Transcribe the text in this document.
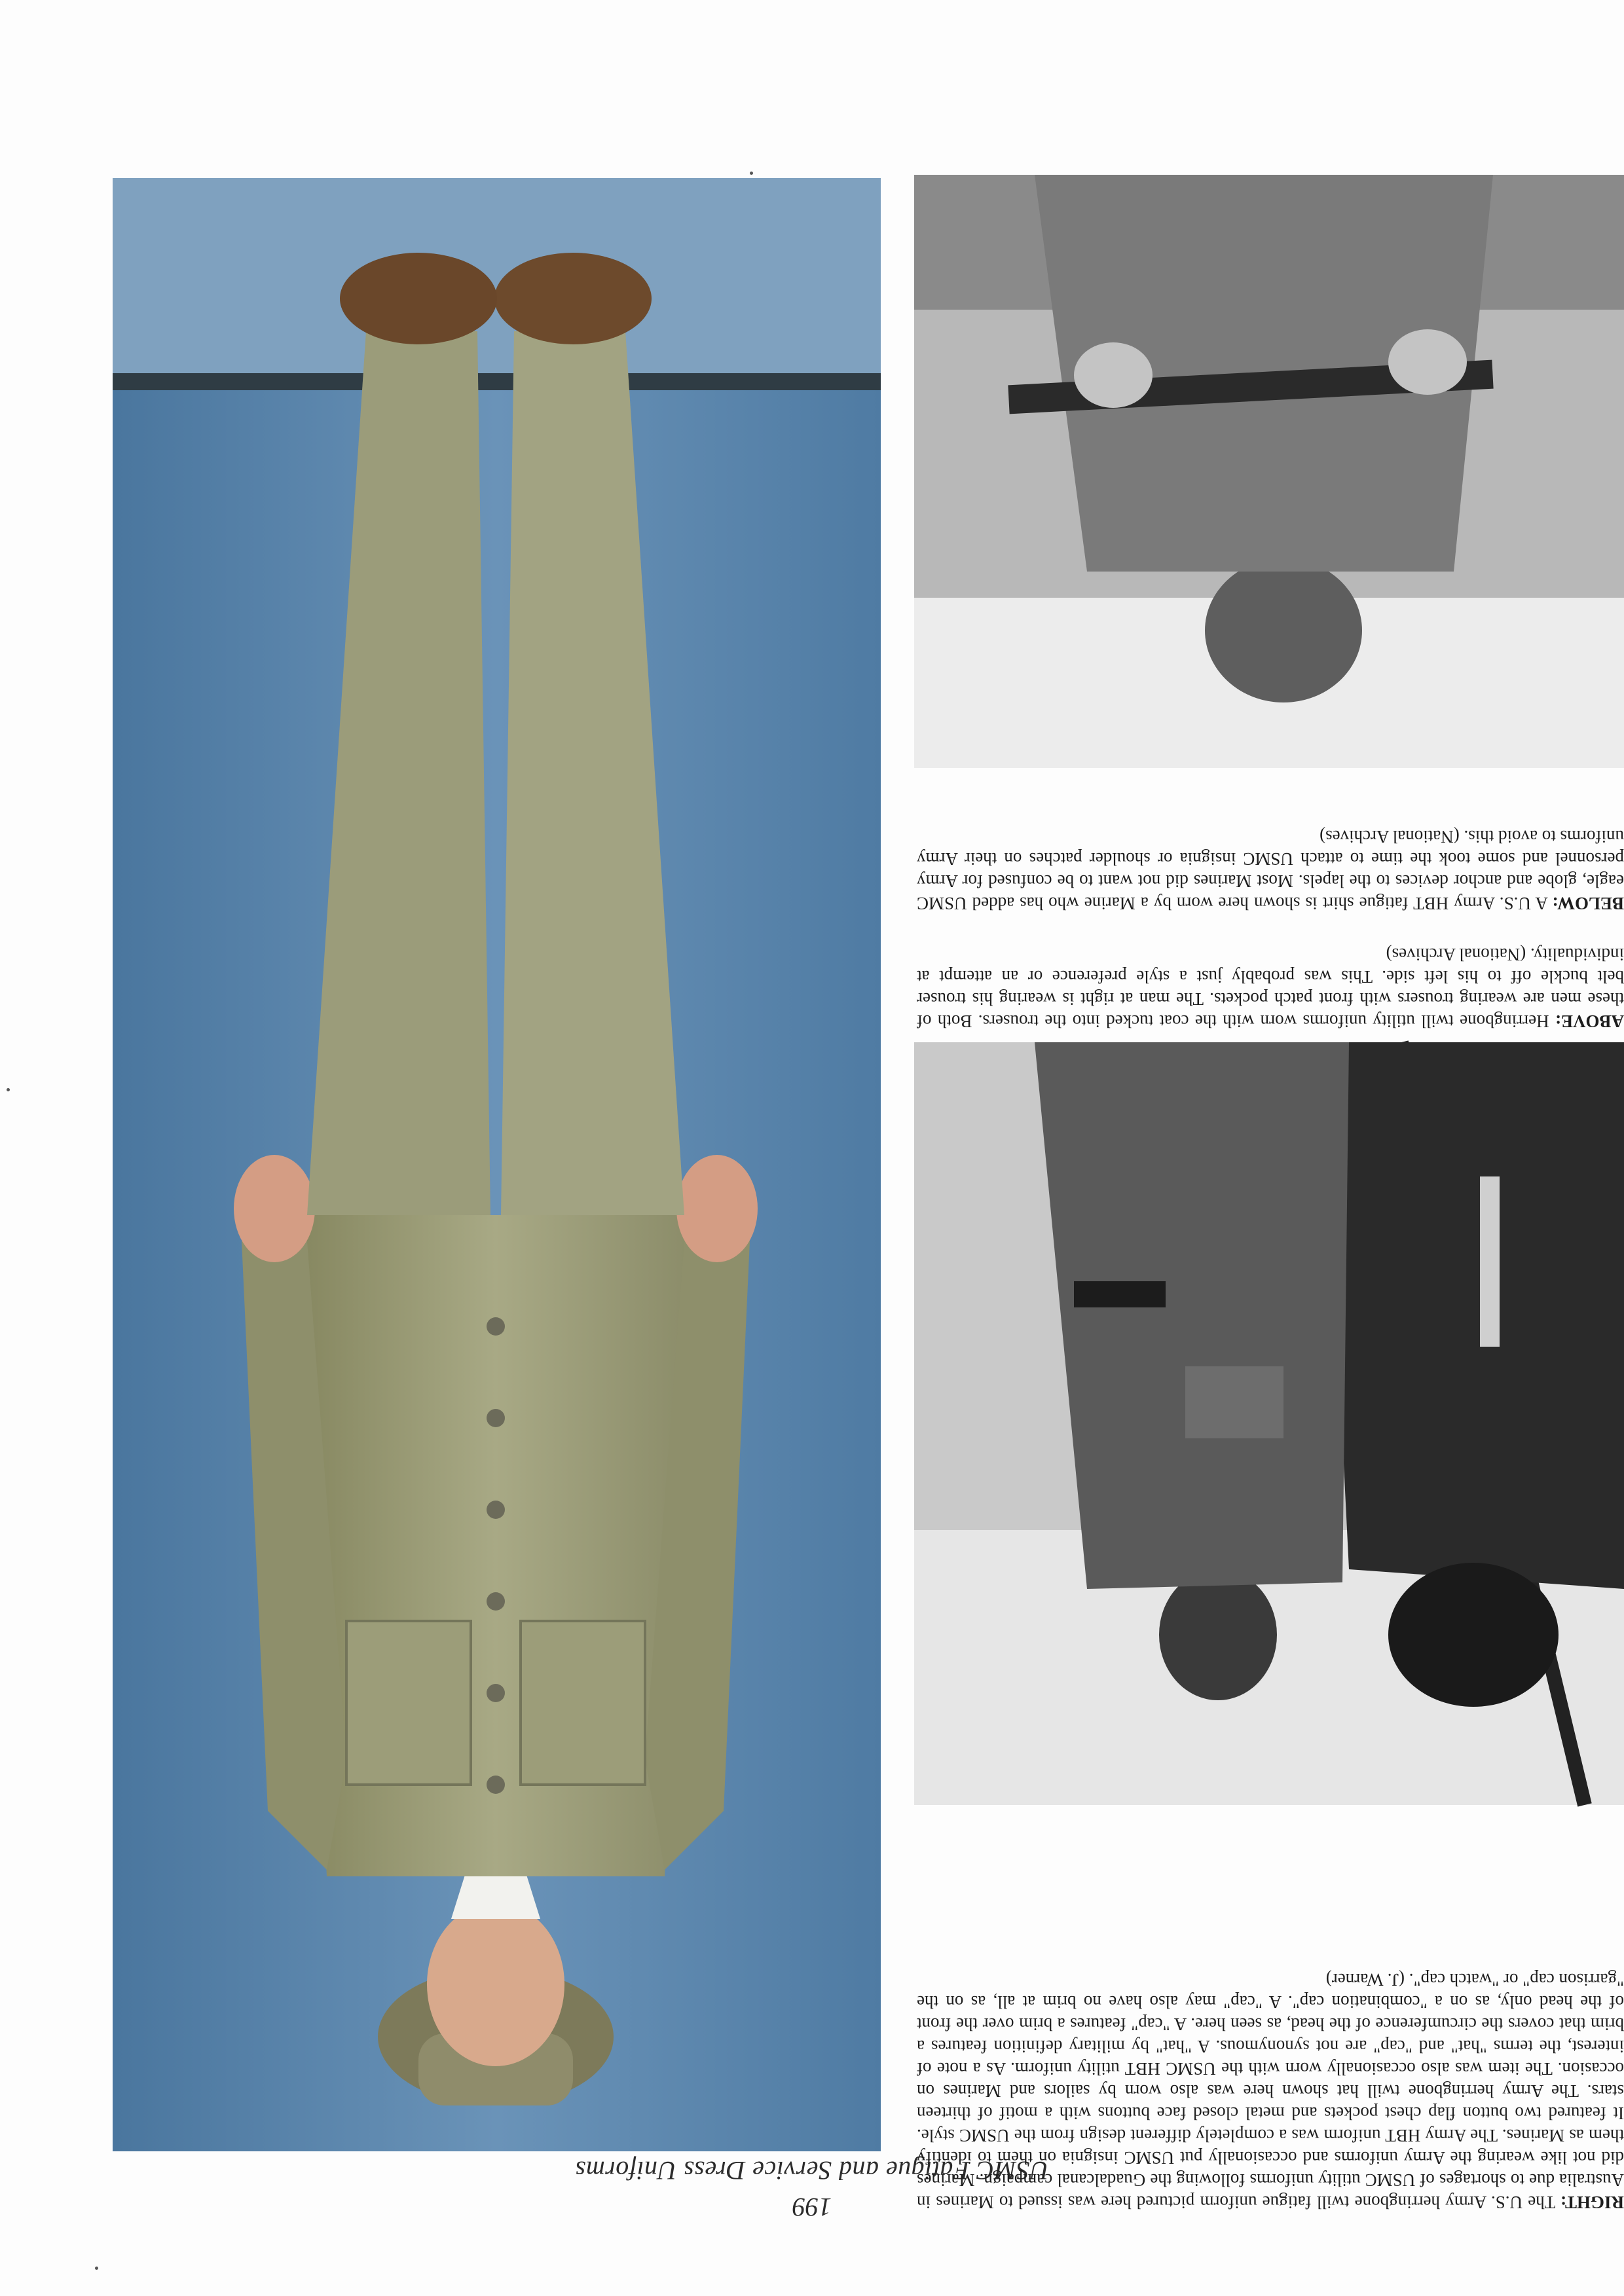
USMC Fatigue and Service Dress Uniforms
199	RIGHT: The U.S. Army herringbone twill fatigue uniform pictured here was issued to Marines in Australia due to shortages of USMC utility uniforms following the Guadalcanal campaign. Marines did not like wearing the Army uniforms and occasionally put USMC insignia on them to identify them as Marines. The Army HBT uniform was a completely different design from the USMC style. It featured two button flap chest pockets and metal closed face buttons with a motif of thirteen stars. The Army herringbone twill hat shown here was also worn by sailors and Marines on occasion. The item was also occasionally worn with the USMC HBT utility uniform. As a note of interest, the terms "hat" and "cap" are not synonymous. A "hat" by military definition features a brim that covers the circumference of the head, as seen here. A "cap" features a brim over the front of the head only, as on a "combination cap". A "cap" may also have no brim at all, as on the "garrison cap" or "watch cap". (J. Warner)

ABOVE: Herringbone twill utility uniforms worn with the coat tucked into the trousers. Both of these men are wearing trousers with front patch pockets. The man at right is wearing his trouser belt buckle off to his left side. This was probably just a style preference or an attempt at individuality. (National Archives)

BELOW: A U.S. Army HBT fatigue shirt is shown here worn by a Marine who has added USMC eagle, globe and anchor devices to the lapels. Most Marines did not want to be confused for Army personnel and some took the time to attach USMC insignia or shoulder patches on their Army uniforms to avoid this. (National Archives)
